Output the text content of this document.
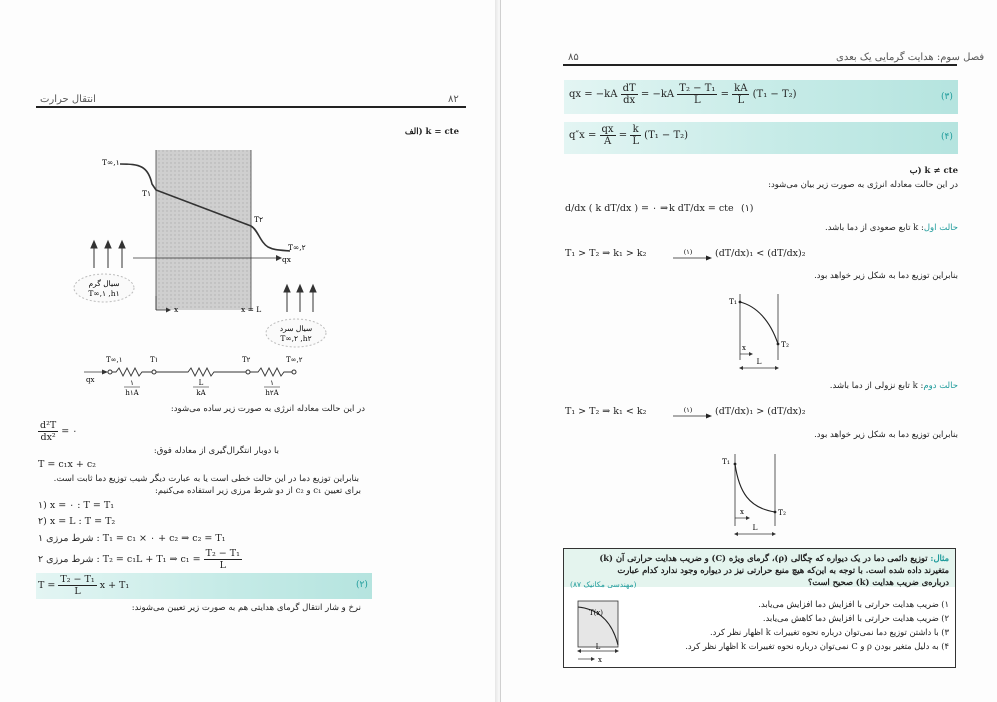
انتقال حرارت	۸۲
k = cte (الف
T∞,۱
T۱
T۲
T∞,۲
qx
x	x = L
سیال گرم
T∞,۱ ,h۱
سیال سرد
T∞,۲ ,h۲
qx
T∞,۱	T۱	T۲	T∞,۲
۱
h۱A
L
kA
۱
h۲A
در این حالت معادله انرژی به صورت زیر ساده می‌شود:
$\frac{\text{d²T}}{\text{dx²}}$ = ۰
با دوبار انتگرال‌گیری از معادله فوق:
T = c₁x + c₂
بنابراین توزیع دما در این حالت خطی است یا به عبارت دیگر شیب توزیع دما ثابت است.
برای تعیین c₁ و c₂ از دو شرط مرزی زیر استفاده می‌کنیم:
۱) x = ۰ : T = T₁
۲) x = L : T = T₂
شرط مرزی ۱ : T₁ = c₁ × ۰ + c₂ ⇒ c₂ = T₁
شرط مرزی ۲ : T₂ = c₁L + T₁ ⇒ $c_1 = \frac{\text{T₂ − T₁}}{L}$
$T = \frac{\text{T₂ − T₁}}{L}$ x + T₁	(۲)
نرخ و شار انتقال گرمای هدایتی هم به صورت زیر تعیین می‌شوند:
۸۵	فصل سوم: هدایت گرمایی یک بعدی
qx = $-kA \frac{dT}{dx} = -kA \frac{\text{T₂ − T₁}}{L} = \frac{kA}{L} (T_1 - T_2)$	(۳)
$q''x = \frac{qx}{A} = \frac{k}{L} (T_1 - T_2)$	(۴)
k ≠ cte (ب
در این حالت معادله انرژی به صورت زیر بیان می‌شود:
d/dx ( k dT/dx ) = ۰ ⇒ k dT/dx = cte (۱)
حالت اول: k تابع صعودی از دما باشد.
T₁ > T₂ ⇒ k₁ > k₂	(۱) (dT/dx)₁ < (dT/dx)₂
بنابراین توزیع دما به شکل زیر خواهد بود.
T₁
T₂
x
L
حالت دوم: k تابع نزولی از دما باشد.
T₁ > T₂ ⇒ k₁ < k₂	(۱) (dT/dx)₁ > (dT/dx)₂
بنابراین توزیع دما به شکل زیر خواهد بود.
T₁
T₂
x
L
مثال: توزیع دائمی دما در یک دیواره که چگالی (ρ)، گرمای ویژه (C) و ضریب هدایت حرارتی آن (k)
متغیرند داده شده است. با توجه به این‌که هیچ منبع حرارتی نیز در دیواره وجود ندارد کدام عبارت
درباره‌ی ضریب هدایت (k) صحیح است؟
(مهندسی مکانیک ۸۷)
۱) ضریب هدایت حرارتی با افزایش دما افزایش می‌یابد.
۲) ضریب هدایت حرارتی با افزایش دما کاهش می‌یابد.
۳) با داشتن توزیع دما نمی‌توان درباره نحوه تغییرات k اظهار نظر کرد.
۴) به دلیل متغیر بودن ρ و C نمی‌توان درباره نحوه تغییرات k اظهار نظر کرد.
T(x)
L
x
